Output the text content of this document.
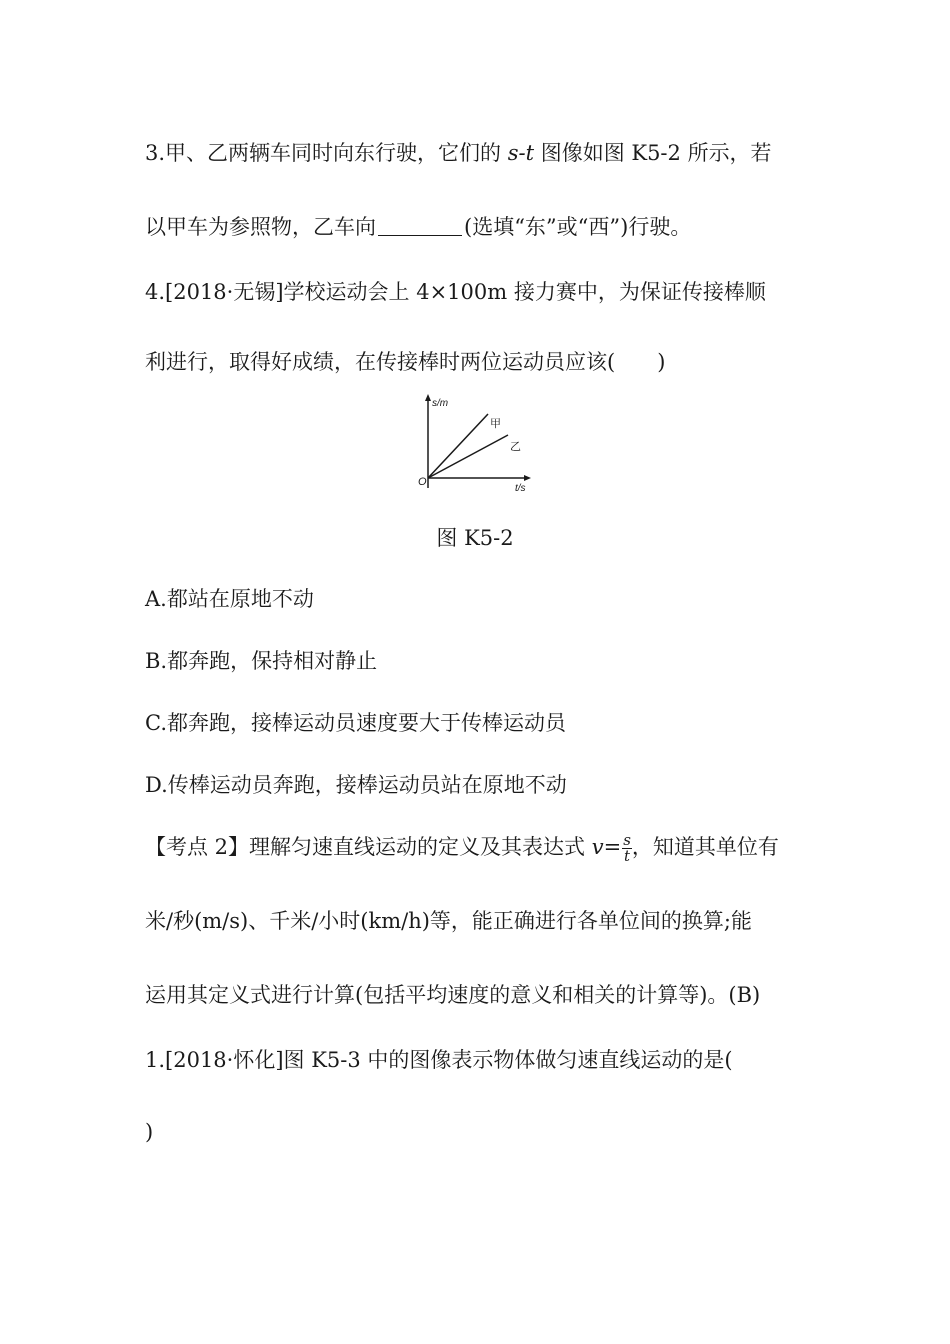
3.甲、乙两辆车同时向东行驶，它们的 s-t 图像如图 K5-2 所示，若
以甲车为参照物，乙车向	(选填“东”或“西”)行驶。
4.[2018·无锡]学校运动会上 4×100m 接力赛中，为保证传接棒顺
利进行，取得好成绩，在传接棒时两位运动员应该(　　)
s/m
O
t/s
甲
乙
图 K5-2
A.都站在原地不动
B.都奔跑，保持相对静止
C.都奔跑，接棒运动员速度要大于传棒运动员
D.传棒运动员奔跑，接棒运动员站在原地不动
【考点 2】理解匀速直线运动的定义及其表达式 $v= \frac{s}{t}$ ，知道其单位有
米/秒(m/s)、千米/小时(km/h)等，能正确进行各单位间的换算;能
运用其定义式进行计算(包括平均速度的意义和相关的计算等)。(B)
1.[2018·怀化]图 K5-3 中的图像表示物体做匀速直线运动的是(
)
